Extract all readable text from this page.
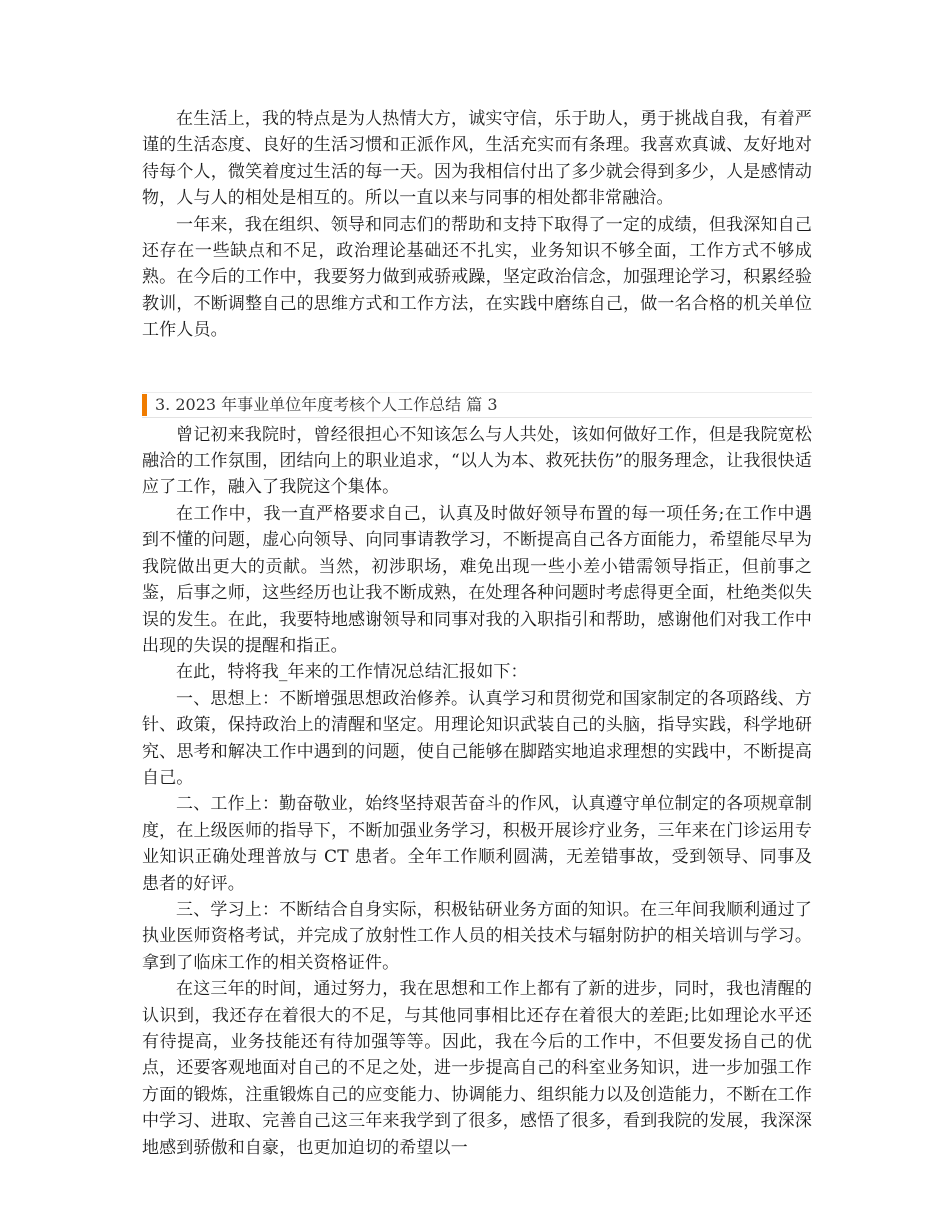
在生活上，我的特点是为人热情大方，诚实守信，乐于助人，勇于挑战自我，有着严谨的生活态度、良好的生活习惯和正派作风，生活充实而有条理。我喜欢真诚、友好地对待每个人，微笑着度过生活的每一天。因为我相信付出了多少就会得到多少，人是感情动物，人与人的相处是相互的。所以一直以来与同事的相处都非常融洽。

一年来，我在组织、领导和同志们的帮助和支持下取得了一定的成绩，但我深知自己还存在一些缺点和不足，政治理论基础还不扎实，业务知识不够全面，工作方式不够成熟。在今后的工作中，我要努力做到戒骄戒躁，坚定政治信念，加强理论学习，积累经验教训，不断调整自己的思维方式和工作方法，在实践中磨练自己，做一名合格的机关单位工作人员。

3. 2023 年事业单位年度考核个人工作总结 篇 3

曾记初来我院时，曾经很担心不知该怎么与人共处，该如何做好工作，但是我院宽松融洽的工作氛围，团结向上的职业追求，“以人为本、救死扶伤”的服务理念，让我很快适应了工作，融入了我院这个集体。

在工作中，我一直严格要求自己，认真及时做好领导布置的每一项任务;在工作中遇到不懂的问题，虚心向领导、向同事请教学习，不断提高自己各方面能力，希望能尽早为我院做出更大的贡献。当然，初涉职场，难免出现一些小差小错需领导指正，但前事之鉴，后事之师，这些经历也让我不断成熟，在处理各种问题时考虑得更全面，杜绝类似失误的发生。在此，我要特地感谢领导和同事对我的入职指引和帮助，感谢他们对我工作中出现的失误的提醒和指正。

在此，特将我_年来的工作情况总结汇报如下：

一、思想上：不断增强思想政治修养。认真学习和贯彻党和国家制定的各项路线、方针、政策，保持政治上的清醒和坚定。用理论知识武装自己的头脑，指导实践，科学地研究、思考和解决工作中遇到的问题，使自己能够在脚踏实地追求理想的实践中，不断提高自己。

二、工作上：勤奋敬业，始终坚持艰苦奋斗的作风，认真遵守单位制定的各项规章制度，在上级医师的指导下，不断加强业务学习，积极开展诊疗业务，三年来在门诊运用专业知识正确处理普放与 CT 患者。全年工作顺利圆满，无差错事故，受到领导、同事及患者的好评。

三、学习上：不断结合自身实际，积极钻研业务方面的知识。在三年间我顺利通过了执业医师资格考试，并完成了放射性工作人员的相关技术与辐射防护的相关培训与学习。拿到了临床工作的相关资格证件。

在这三年的时间，通过努力，我在思想和工作上都有了新的进步，同时，我也清醒的认识到，我还存在着很大的不足，与其他同事相比还存在着很大的差距;比如理论水平还有待提高，业务技能还有待加强等等。因此，我在今后的工作中，不但要发扬自己的优点，还要客观地面对自己的不足之处，进一步提高自己的科室业务知识，进一步加强工作方面的锻炼，注重锻炼自己的应变能力、协调能力、组织能力以及创造能力，不断在工作中学习、进取、完善自己这三年来我学到了很多，感悟了很多，看到我院的发展，我深深地感到骄傲和自豪，也更加迫切的希望以一
